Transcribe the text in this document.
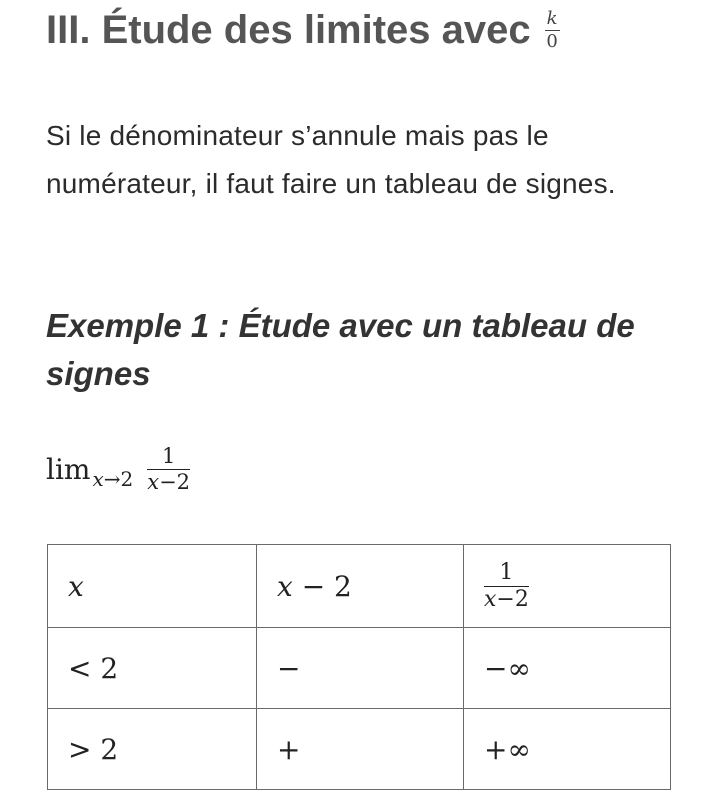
III. Étude des limites avec $\frac{k}{0}$

Si le dénominateur s’annule mais pas le numérateur, il faut faire un tableau de signes.

Exemple 1 : Étude avec un tableau de signes
$\lim x\to 2 \frac{1}{x-2}$
x	x − 2	$\frac{1}{x-2}$

< 2	−	−∞
> 2	+	+∞
